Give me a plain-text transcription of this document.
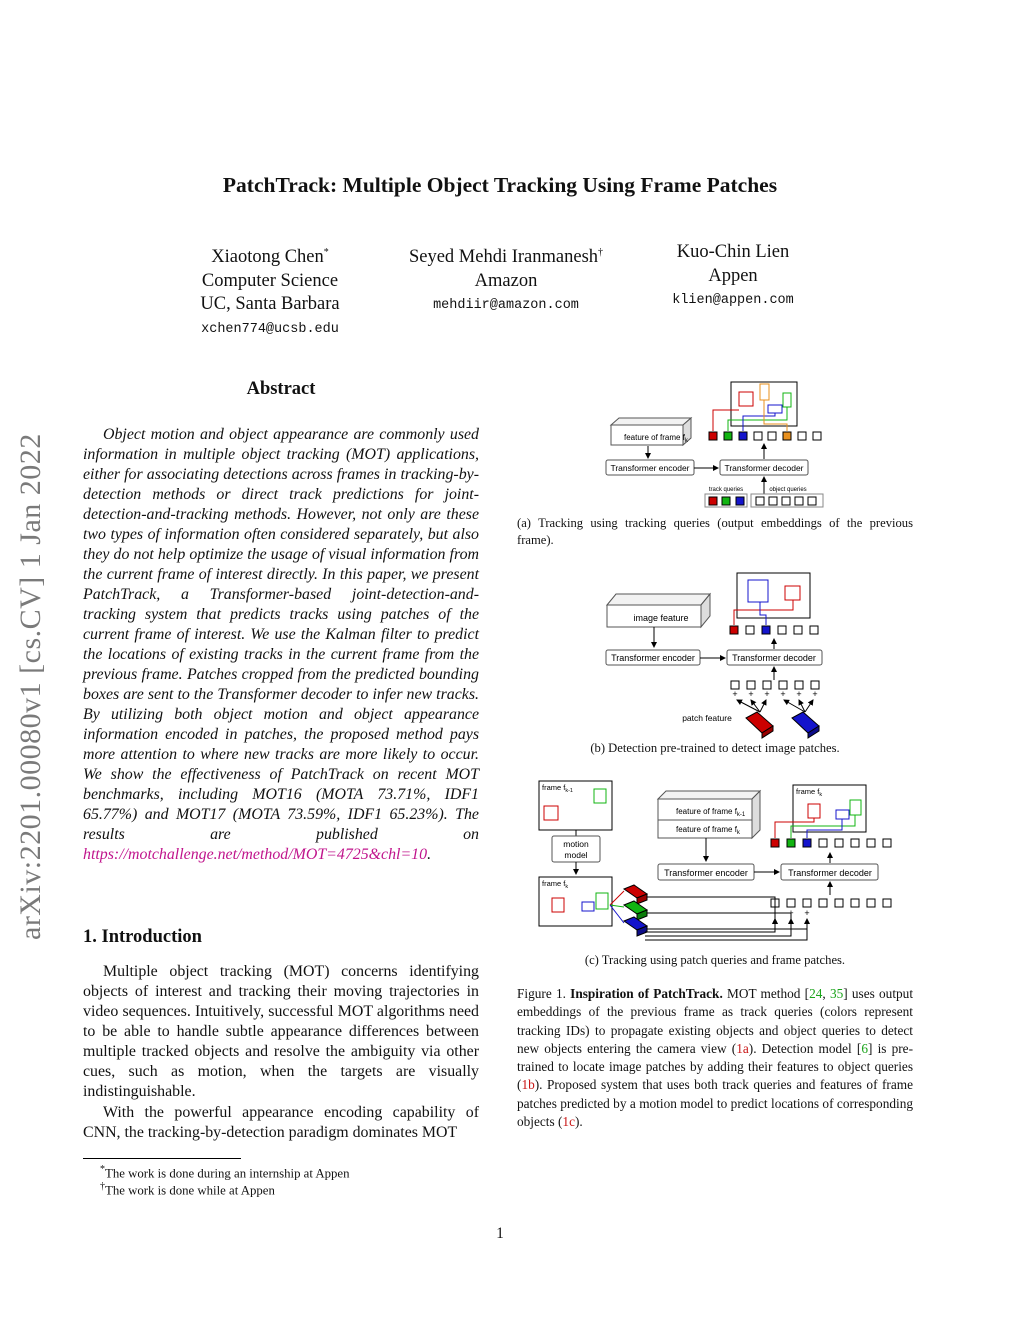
arXiv:2201.00080v1 [cs.CV] 1 Jan 2022
PatchTrack: Multiple Object Tracking Using Frame Patches
Xiaotong Chen*
Computer Science
UC, Santa Barbara
xchen774@ucsb.edu
Seyed Mehdi Iranmanesh†
Amazon
mehdiir@amazon.com
Kuo-Chin Lien
Appen
klien@appen.com
Abstract
Object motion and object appearance are commonly used information in multiple object tracking (MOT) applications, either for associating detections across frames in tracking-by-detection methods or direct track predictions for joint-detection-and-tracking methods. However, not only are these two types of information often considered separately, but also they do not help optimize the usage of visual information from the current frame of interest directly. In this paper, we present PatchTrack, a Transformer-based joint-detection-and-tracking system that predicts tracks using patches of the current frame of interest. We use the Kalman filter to predict the locations of existing tracks in the current frame from the previous frame. Patches cropped from the predicted bounding boxes are sent to the Transformer decoder to infer new tracks. By utilizing both object motion and object appearance information encoded in patches, the proposed method pays more attention to where new tracks are more likely to occur. We show the effectiveness of PatchTrack on recent MOT benchmarks, including MOT16 (MOTA 73.71%, IDF1 65.77%) and MOT17 (MOTA 73.59%, IDF1 65.23%). The results are published on https://motchallenge.net/method/MOT=4725&chl=10.
1. Introduction
Multiple object tracking (MOT) concerns identifying objects of interest and tracking their moving trajectories in video sequences. Intuitively, successful MOT algorithms need to be able to handle subtle appearance differences between multiple tracked objects and resolve the ambiguity via other cues, such as motion, when the targets are visually indistinguishable.
With the powerful appearance encoding capability of CNN, the tracking-by-detection paradigm dominates MOT
*The work is done during an internship at Appen
†The work is done while at Appen
1
feature of frame $f_k$
Transformer encoder	Transformer decoder
track queries	object queries
image feature
Transformer encoder	Transformer decoder
+ + + + + +
patch feature
frame $f_{k-1}$
motion
model
frame $f_k$
feature of frame $f_{k-1}$
feature of frame $f_k$
Transformer encoder	Transformer decoder
frame $f_k$
+ + +
(a) Tracking using tracking queries (output embeddings of the previous frame).
(b) Detection pre-trained to detect image patches.
(c) Tracking using patch queries and frame patches.
Figure 1. Inspiration of PatchTrack. MOT method [24, 35] uses output embeddings of the previous frame as track queries (colors represent tracking IDs) to propagate existing objects and object queries to detect new objects entering the camera view (1a). Detection model [6] is pre-trained to locate image patches by adding their features to object queries (1b). Proposed system that uses both track queries and features of frame patches predicted by a motion model to predict locations of corresponding objects (1c).
